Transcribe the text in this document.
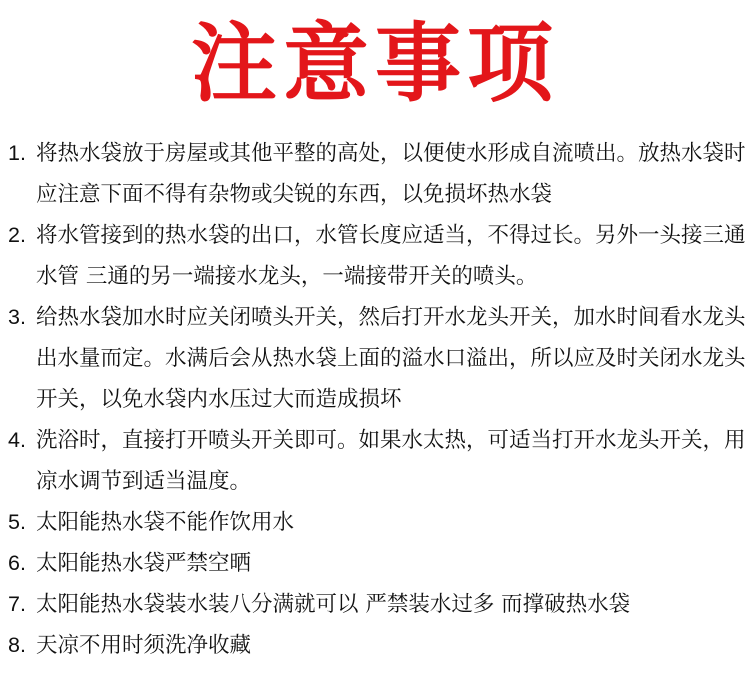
注意事项
1. 将热水袋放于房屋或其他平整的高处，以便使水形成自流喷出。放热水袋时应注意下面不得有杂物或尖锐的东西，以免损坏热水袋
2. 将水管接到的热水袋的出口，水管长度应适当，不得过长。另外一头接三通水管 三通的另一端接水龙头，一端接带开关的喷头。
3. 给热水袋加水时应关闭喷头开关，然后打开水龙头开关，加水时间看水龙头出水量而定。水满后会从热水袋上面的溢水口溢出，所以应及时关闭水龙头开关，以免水袋内水压过大而造成损坏
4. 洗浴时，直接打开喷头开关即可。如果水太热，可适当打开水龙头开关，用凉水调节到适当温度。
5. 太阳能热水袋不能作饮用水
6. 太阳能热水袋严禁空晒
7. 太阳能热水袋装水装八分满就可以 严禁装水过多 而撑破热水袋
8. 天凉不用时须洗净收藏
